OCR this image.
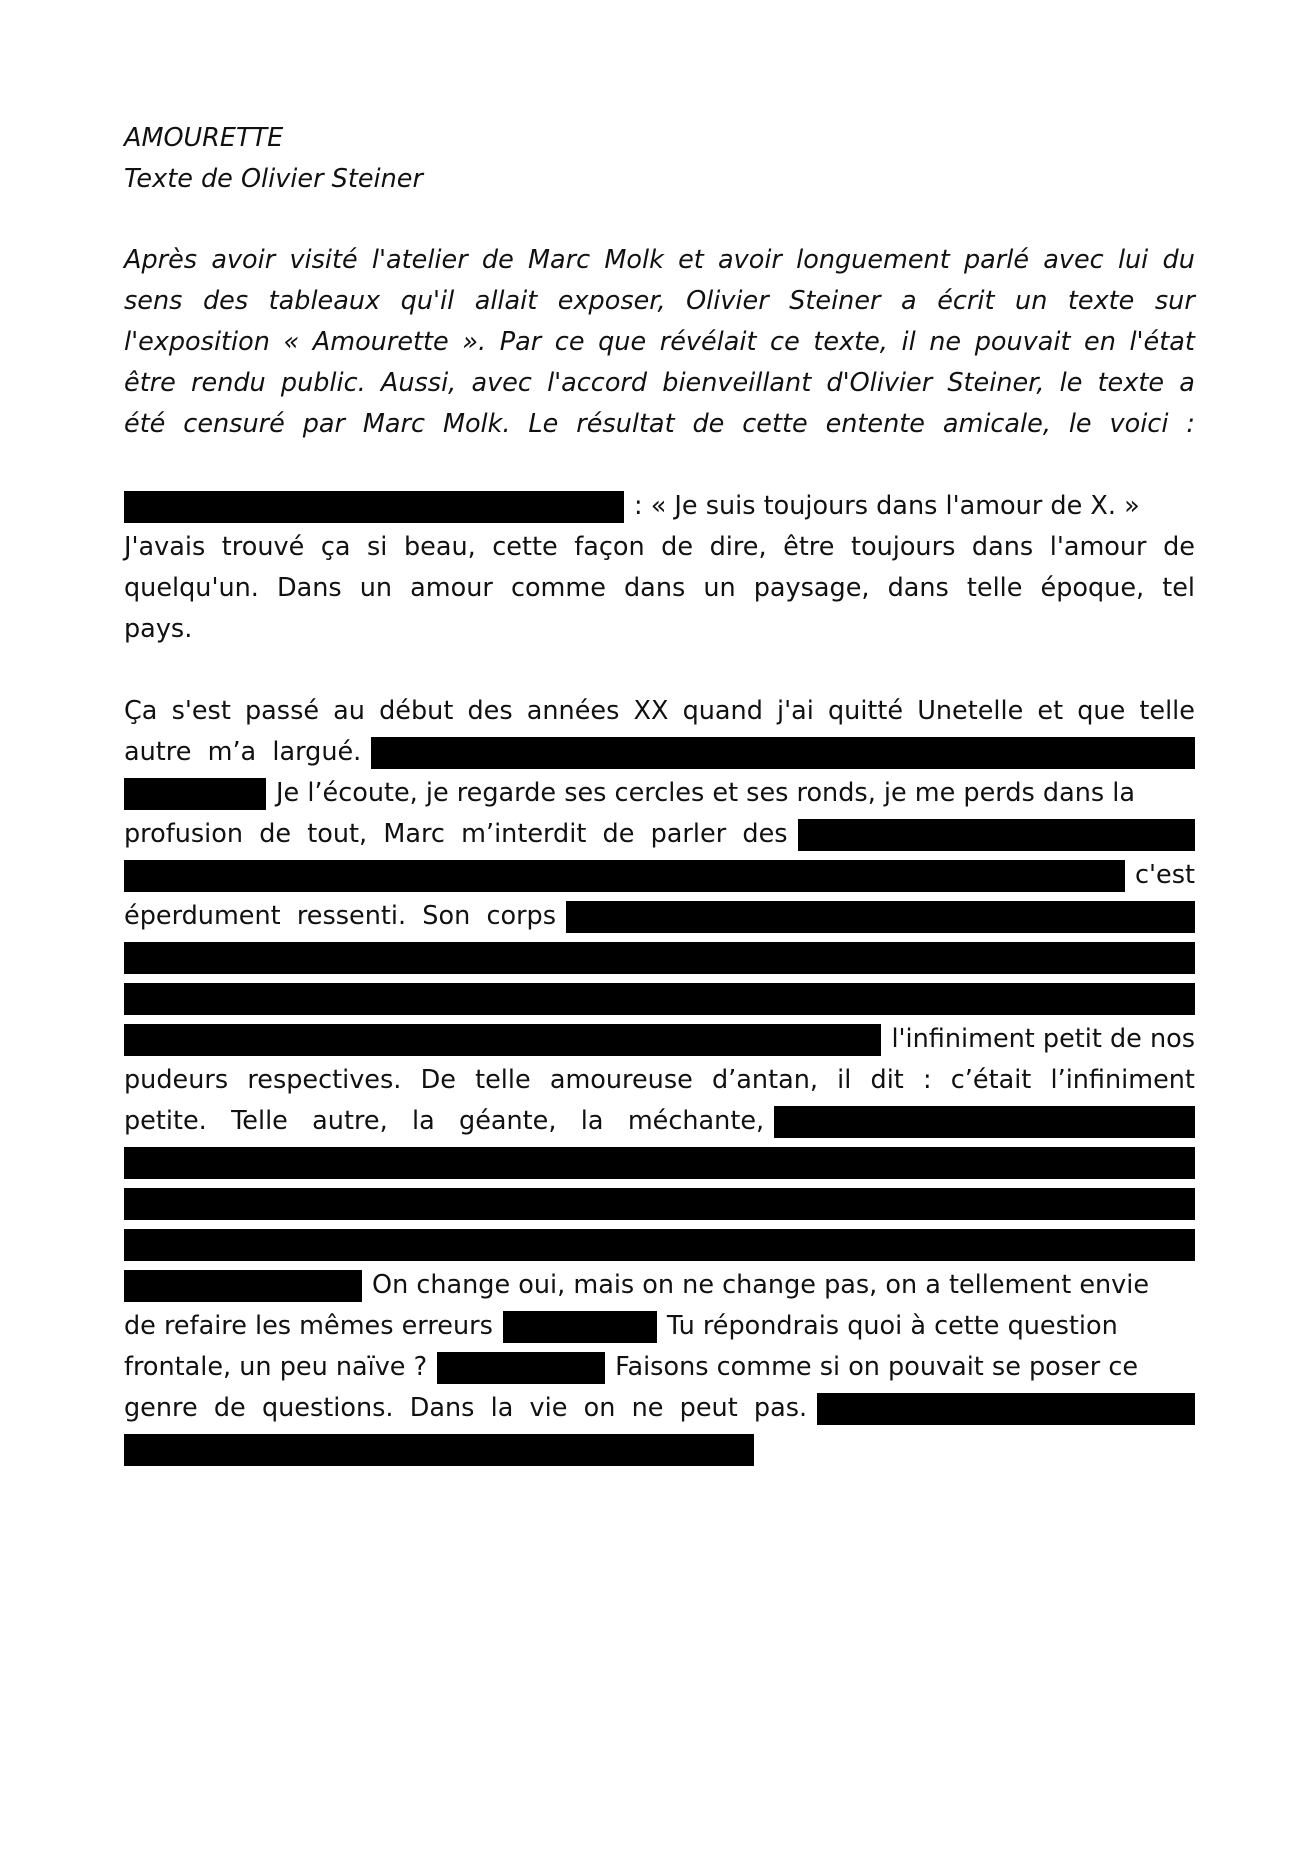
AMOURETTE
Texte de Olivier Steiner
Après avoir visité l'atelier de Marc Molk et avoir longuement parlé avec lui du
sens des tableaux qu'il allait exposer, Olivier Steiner a écrit un texte sur
l'exposition « Amourette ». Par ce que révélait ce texte, il ne pouvait en l'état
être rendu public. Aussi, avec l'accord bienveillant d'Olivier Steiner, le texte a
été censuré par Marc Molk. Le résultat de cette entente amicale, le voici :
: « Je suis toujours dans l'amour de X. »
J'avais trouvé ça si beau, cette façon de dire, être toujours dans l'amour de
quelqu'un. Dans un amour comme dans un paysage, dans telle époque, tel
pays.
Ça s'est passé au début des années XX quand j'ai quitté Unetelle et que telle
autre  m’a  largué.
Je l’écoute, je regarde ses cercles et ses ronds, je me perds dans la
profusion  de  tout,  Marc  m’interdit  de  parler  des
c'est
éperdument  ressenti.  Son  corps
l'infiniment petit de nos
pudeurs respectives. De telle amoureuse d’antan, il dit : c’était l’infiniment
petite.   Telle   autre,   la   géante,   la   méchante,
On change oui, mais on ne change pas, on a tellement envie
de refaire les mêmes erreurs	Tu répondrais quoi à cette question
frontale, un peu naïve ?	Faisons comme si on pouvait se poser ce
genre  de  questions.  Dans  la  vie  on  ne  peut  pas.
